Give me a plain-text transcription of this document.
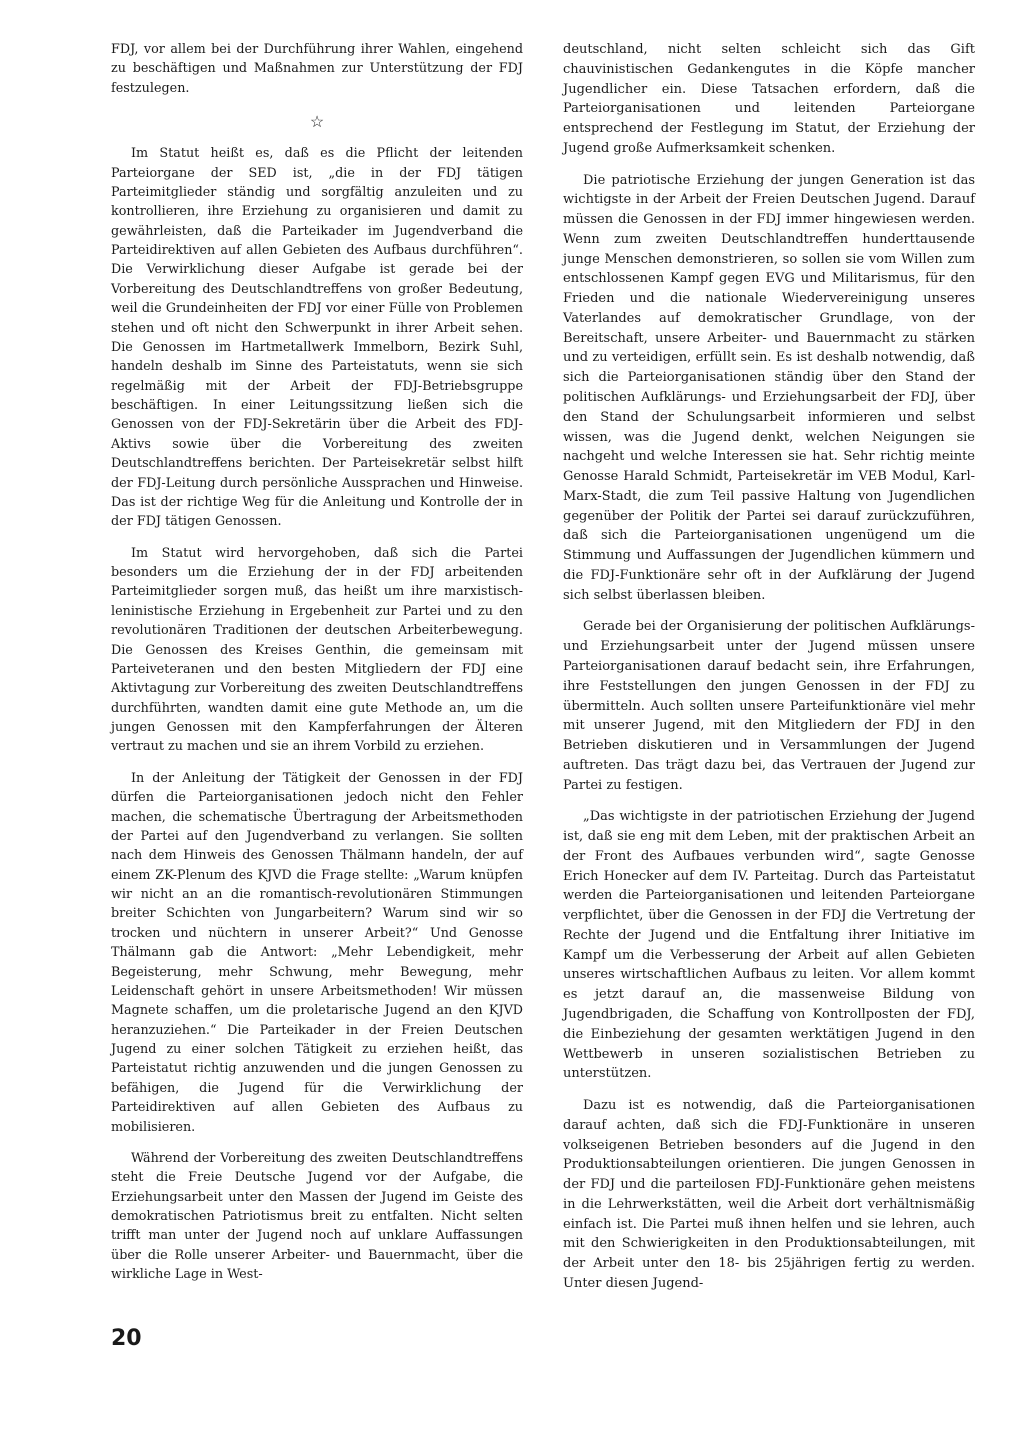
FDJ, vor allem bei der Durchführung ihrer Wahlen, eingehend zu beschäftigen und Maßnahmen zur Unterstützung der FDJ festzulegen.

☆

Im Statut heißt es, daß es die Pflicht der leitenden Parteiorgane der SED ist, „die in der FDJ tätigen Parteimitglieder ständig und sorgfältig anzuleiten und zu kontrollieren, ihre Erziehung zu organisieren und damit zu gewährleisten, daß die Parteikader im Jugendverband die Parteidirektiven auf allen Gebieten des Aufbaus durchführen“. Die Verwirklichung dieser Aufgabe ist gerade bei der Vorbereitung des Deutschlandtreffens von großer Bedeutung, weil die Grundeinheiten der FDJ vor einer Fülle von Problemen stehen und oft nicht den Schwerpunkt in ihrer Arbeit sehen. Die Genossen im Hartmetallwerk Immelborn, Bezirk Suhl, handeln deshalb im Sinne des Parteistatuts, wenn sie sich regelmäßig mit der Arbeit der FDJ-Betriebsgruppe beschäftigen. In einer Leitungssitzung ließen sich die Genossen von der FDJ-Sekretärin über die Arbeit des FDJ-Aktivs sowie über die Vorbereitung des zweiten Deutschlandtreffens berichten. Der Parteisekretär selbst hilft der FDJ-Leitung durch persönliche Aussprachen und Hinweise. Das ist der richtige Weg für die Anleitung und Kontrolle der in der FDJ tätigen Genossen.

Im Statut wird hervorgehoben, daß sich die Partei besonders um die Erziehung der in der FDJ arbeitenden Parteimitglieder sorgen muß, das heißt um ihre marxistisch-leninistische Erziehung in Ergebenheit zur Partei und zu den revolutionären Traditionen der deutschen Arbeiterbewegung. Die Genossen des Kreises Genthin, die gemeinsam mit Parteiveteranen und den besten Mitgliedern der FDJ eine Aktivtagung zur Vorbereitung des zweiten Deutschlandtreffens durchführten, wandten damit eine gute Methode an, um die jungen Genossen mit den Kampferfahrungen der Älteren vertraut zu machen und sie an ihrem Vorbild zu erziehen.

In der Anleitung der Tätigkeit der Genossen in der FDJ dürfen die Parteiorganisationen jedoch nicht den Fehler machen, die schematische Übertragung der Arbeitsmethoden der Partei auf den Jugendverband zu verlangen. Sie sollten nach dem Hinweis des Genossen Thälmann handeln, der auf einem ZK-Plenum des KJVD die Frage stellte: „Warum knüpfen wir nicht an an die romantisch-revolutionären Stimmungen breiter Schichten von Jungarbeitern? Warum sind wir so trocken und nüchtern in unserer Arbeit?“ Und Genosse Thälmann gab die Antwort: „Mehr Lebendigkeit, mehr Begeisterung, mehr Schwung, mehr Bewegung, mehr Leidenschaft gehört in unsere Arbeitsmethoden! Wir müssen Magnete schaffen, um die proletarische Jugend an den KJVD heranzuziehen.“ Die Parteikader in der Freien Deutschen Jugend zu einer solchen Tätigkeit zu erziehen heißt, das Parteistatut richtig anzuwenden und die jungen Genossen zu befähigen, die Jugend für die Verwirklichung der Parteidirektiven auf allen Gebieten des Aufbaus zu mobilisieren.

Während der Vorbereitung des zweiten Deutschlandtreffens steht die Freie Deutsche Jugend vor der Aufgabe, die Erziehungsarbeit unter den Massen der Jugend im Geiste des demokratischen Patriotismus breit zu entfalten. Nicht selten trifft man unter der Jugend noch auf unklare Auffassungen über die Rolle unserer Arbeiter- und Bauernmacht, über die wirkliche Lage in West-

deutschland, nicht selten schleicht sich das Gift chauvinistischen Gedankengutes in die Köpfe mancher Jugendlicher ein. Diese Tatsachen erfordern, daß die Parteiorganisationen und leitenden Parteiorgane entsprechend der Festlegung im Statut, der Erziehung der Jugend große Aufmerksamkeit schenken.

Die patriotische Erziehung der jungen Generation ist das wichtigste in der Arbeit der Freien Deutschen Jugend. Darauf müssen die Genossen in der FDJ immer hingewiesen werden. Wenn zum zweiten Deutschlandtreffen hunderttausende junge Menschen demonstrieren, so sollen sie vom Willen zum entschlossenen Kampf gegen EVG und Militarismus, für den Frieden und die nationale Wiedervereinigung unseres Vaterlandes auf demokratischer Grundlage, von der Bereitschaft, unsere Arbeiter- und Bauernmacht zu stärken und zu verteidigen, erfüllt sein. Es ist deshalb notwendig, daß sich die Parteiorganisationen ständig über den Stand der politischen Aufklärungs- und Erziehungsarbeit der FDJ, über den Stand der Schulungsarbeit informieren und selbst wissen, was die Jugend denkt, welchen Neigungen sie nachgeht und welche Interessen sie hat. Sehr richtig meinte Genosse Harald Schmidt, Parteisekretär im VEB Modul, Karl-Marx-Stadt, die zum Teil passive Haltung von Jugendlichen gegenüber der Politik der Partei sei darauf zurückzuführen, daß sich die Parteiorganisationen ungenügend um die Stimmung und Auffassungen der Jugendlichen kümmern und die FDJ-Funktionäre sehr oft in der Aufklärung der Jugend sich selbst überlassen bleiben.

Gerade bei der Organisierung der politischen Aufklärungs- und Erziehungsarbeit unter der Jugend müssen unsere Parteiorganisationen darauf bedacht sein, ihre Erfahrungen, ihre Feststellungen den jungen Genossen in der FDJ zu übermitteln. Auch sollten unsere Parteifunktionäre viel mehr mit unserer Jugend, mit den Mitgliedern der FDJ in den Betrieben diskutieren und in Versammlungen der Jugend auftreten. Das trägt dazu bei, das Vertrauen der Jugend zur Partei zu festigen.

„Das wichtigste in der patriotischen Erziehung der Jugend ist, daß sie eng mit dem Leben, mit der praktischen Arbeit an der Front des Aufbaues verbunden wird“, sagte Genosse Erich Honecker auf dem IV. Parteitag. Durch das Parteistatut werden die Parteiorganisationen und leitenden Parteiorgane verpflichtet, über die Genossen in der FDJ die Vertretung der Rechte der Jugend und die Entfaltung ihrer Initiative im Kampf um die Verbesserung der Arbeit auf allen Gebieten unseres wirtschaftlichen Aufbaus zu leiten. Vor allem kommt es jetzt darauf an, die massenweise Bildung von Jugendbrigaden, die Schaffung von Kontrollposten der FDJ, die Einbeziehung der gesamten werktätigen Jugend in den Wettbewerb in unseren sozialistischen Betrieben zu unterstützen.

Dazu ist es notwendig, daß die Parteiorganisationen darauf achten, daß sich die FDJ-Funktionäre in unseren volkseigenen Betrieben besonders auf die Jugend in den Produktionsabteilungen orientieren. Die jungen Genossen in der FDJ und die parteilosen FDJ-Funktionäre gehen meistens in die Lehrwerkstätten, weil die Arbeit dort verhältnismäßig einfach ist. Die Partei muß ihnen helfen und sie lehren, auch mit den Schwierigkeiten in den Produktionsabteilungen, mit der Arbeit unter den 18- bis 25jährigen fertig zu werden. Unter diesen Jugend-

20
